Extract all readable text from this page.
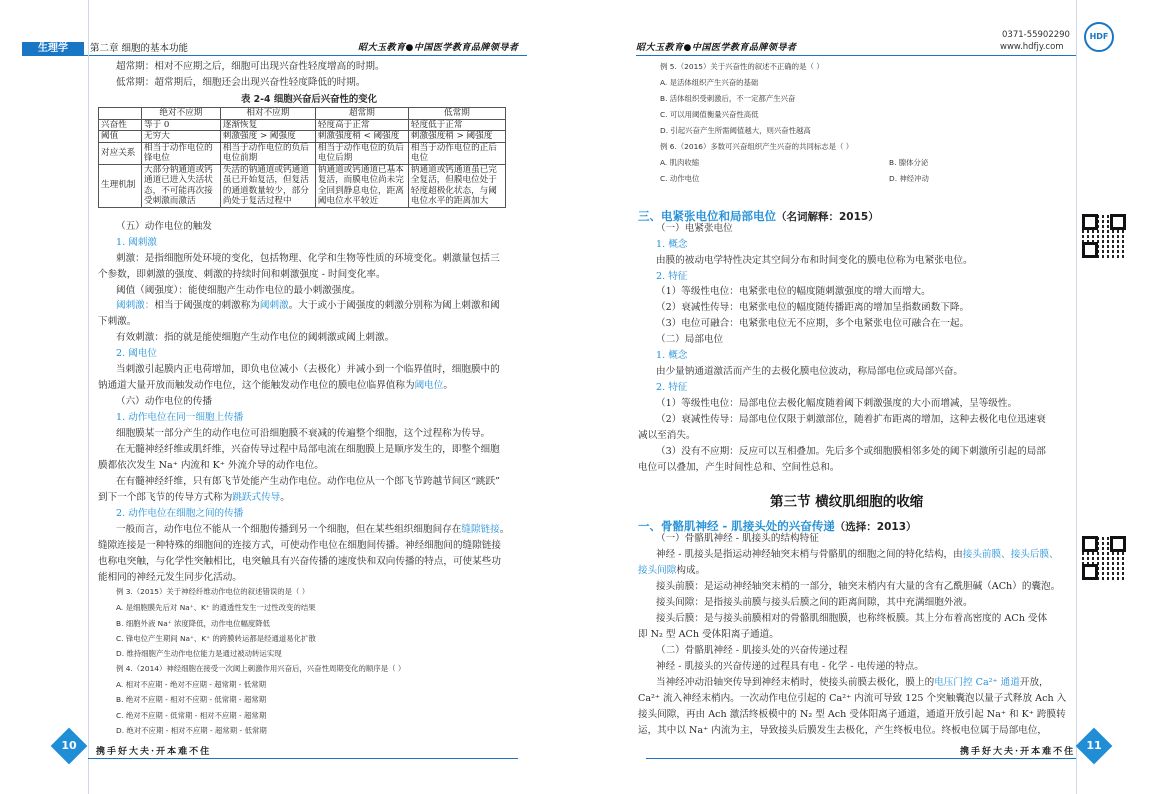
生理学	第二章 细胞的基本功能	昭大玉教育●中国医学教育品牌领导者
超常期：相对不应期之后，细胞可出现兴奋性轻度增高的时期。
低常期：超常期后，细胞还会出现兴奋性轻度降低的时期。
表 2-4 细胞兴奋后兴奋性的变化
	绝对不应期	相对不应期	超常期	低常期
兴奋性	等于 0	逐渐恢复	轻度高于正常	轻度低于正常
阈值	无穷大	刺激强度 > 阈强度	刺激强度稍 < 阈强度	刺激强度稍 > 阈强度
对应关系	相当于动作电位的锋电位	相当于动作电位的负后电位前期	相当于动作电位的负后电位后期	相当于动作电位的正后电位
生理机制	大部分钠通道或钙通道已进入失活状态，不可能再次接受刺激而激活	失活的钠通道或钙通道虽已开始复活，但复活的通道数量较少，部分尚处于复活过程中	钠通道或钙通道已基本复活，而膜电位尚未完全回到静息电位，距离阈电位水平较近	钠通道或钙通道虽已完全复活，但膜电位处于轻度超极化状态，与阈电位水平的距离加大
（五）动作电位的触发
1. 阈刺激
刺激：是指细胞所处环境的变化，包括物理、化学和生物等性质的环境变化。刺激量包括三
个参数，即刺激的强度、刺激的持续时间和刺激强度 - 时间变化率。
阈值（阈强度）：能使细胞产生动作电位的最小刺激强度。
阈刺激：相当于阈强度的刺激称为阈刺激。大于或小于阈强度的刺激分别称为阈上刺激和阈
下刺激。
有效刺激：指的就是能使细胞产生动作电位的阈刺激或阈上刺激。
2. 阈电位
当刺激引起膜内正电荷增加，即负电位减小（去极化）并减小到一个临界值时，细胞膜中的
钠通道大量开放而触发动作电位，这个能触发动作电位的膜电位临界值称为阈电位。
（六）动作电位的传播
1. 动作电位在同一细胞上传播
细胞膜某一部分产生的动作电位可沿细胞膜不衰减的传遍整个细胞，这个过程称为传导。
在无髓神经纤维或肌纤维，兴奋传导过程中局部电流在细胞膜上是顺序发生的，即整个细胞
膜都依次发生 Na⁺ 内流和 K⁺ 外流介导的动作电位。
在有髓神经纤维，只有郎飞节处能产生动作电位。动作电位从一个郎飞节跨越节间区“跳跃”
到下一个郎飞节的传导方式称为跳跃式传导。
2. 动作电位在细胞之间的传播
一般而言，动作电位不能从一个细胞传播到另一个细胞，但在某些组织细胞间存在缝隙链接。
缝隙连接是一种特殊的细胞间的连接方式，可使动作电位在细胞间传播。神经细胞间的缝隙链接
也称电突触，与化学性突触相比，电突触具有兴奋传播的速度快和双向传播的特点，可使某些功
能相同的神经元发生同步化活动。
例 3.（2015）关于神经纤维动作电位的叙述错误的是（ ）
A. 是细胞膜先后对 Na⁺、K⁺ 的通透性发生一过性改变的结果
B. 细胞外液 Na⁺ 浓度降低，动作电位幅度降低
C. 锋电位产生期间 Na⁺、K⁺ 的跨膜转运都是经通道易化扩散
D. 维持细胞产生动作电位能力是通过被动转运实现
例 4.（2014）神经细胞在接受一次阈上刺激作用兴奋后，兴奋性周期变化的顺序是（ ）
A. 相对不应期 - 绝对不应期 - 超常期 - 低常期
B. 绝对不应期 - 相对不应期 - 低常期 - 超常期
C. 绝对不应期 - 低常期 - 相对不应期 - 超常期
D. 绝对不应期 - 相对不应期 - 超常期 - 低常期
10	携手好大夫·开本难不住
昭大玉教育●中国医学教育品牌领导者
0371-55902290
www.hdfjy.com
HDF
例 5.（2015）关于兴奋性的叙述不正确的是（ ）
A. 是活体组织产生兴奋的基础
B. 活体组织受刺激后，不一定都产生兴奋
C. 可以用阈值衡量兴奋性高低
D. 引起兴奋产生所需阈值越大，则兴奋性越高
例 6.（2016）多数可兴奋组织产生兴奋的共同标志是（ ）
A. 肌肉收缩	B. 腺体分泌
C. 动作电位	D. 神经冲动
三、电紧张电位和局部电位（名词解释：2015）
（一）电紧张电位
1. 概念
由膜的被动电学特性决定其空间分布和时间变化的膜电位称为电紧张电位。
2. 特征
（1）等级性电位：电紧张电位的幅度随刺激强度的增大而增大。
（2）衰减性传导：电紧张电位的幅度随传播距离的增加呈指数函数下降。
（3）电位可融合：电紧张电位无不应期，多个电紧张电位可融合在一起。
（二）局部电位
1. 概念
由少量钠通道激活而产生的去极化膜电位波动，称局部电位或局部兴奋。
2. 特征
（1）等级性电位：局部电位去极化幅度随着阈下刺激强度的大小而增减，呈等级性。
（2）衰减性传导：局部电位仅限于刺激部位，随着扩布距离的增加，这种去极化电位迅速衰
减以至消失。
（3）没有不应期：反应可以互相叠加。先后多个或细胞膜相邻多处的阈下刺激所引起的局部
电位可以叠加，产生时间性总和、空间性总和。
第三节 横纹肌细胞的收缩
一、骨骼肌神经 - 肌接头处的兴奋传递（选择：2013）
（一）骨骼肌神经 - 肌接头的结构特征
神经 - 肌接头是指运动神经轴突末梢与骨骼肌的细胞之间的特化结构，由接头前膜、接头后膜、
接头间隙构成。
接头前膜：是运动神经轴突末梢的一部分，轴突末梢内有大量的含有乙酰胆碱（ACh）的囊泡。
接头间隙：是指接头前膜与接头后膜之间的距离间隙，其中充满细胞外液。
接头后膜：是与接头前膜相对的骨骼肌细胞膜，也称终板膜。其上分布着高密度的 ACh 受体
即 N₂ 型 ACh 受体阳离子通道。
（二）骨骼肌神经 - 肌接头处的兴奋传递过程
神经 - 肌接头的兴奋传递的过程具有电 - 化学 - 电传递的特点。
当神经冲动沿轴突传导到神经末梢时，使接头前膜去极化，膜上的电压门控 Ca²⁺ 通道开放，
Ca²⁺ 流入神经末梢内。一次动作电位引起的 Ca²⁺ 内流可导致 125 个突触囊泡以量子式释放 Ach 入
接头间隙，再由 Ach 激活终板模中的 N₂ 型 Ach 受体阳离子通道，通道开放引起 Na⁺ 和 K⁺ 跨膜转
运，其中以 Na⁺ 内流为主，导致接头后膜发生去极化，产生终板电位。终板电位属于局部电位，
携手好大夫·开本难不住	11
